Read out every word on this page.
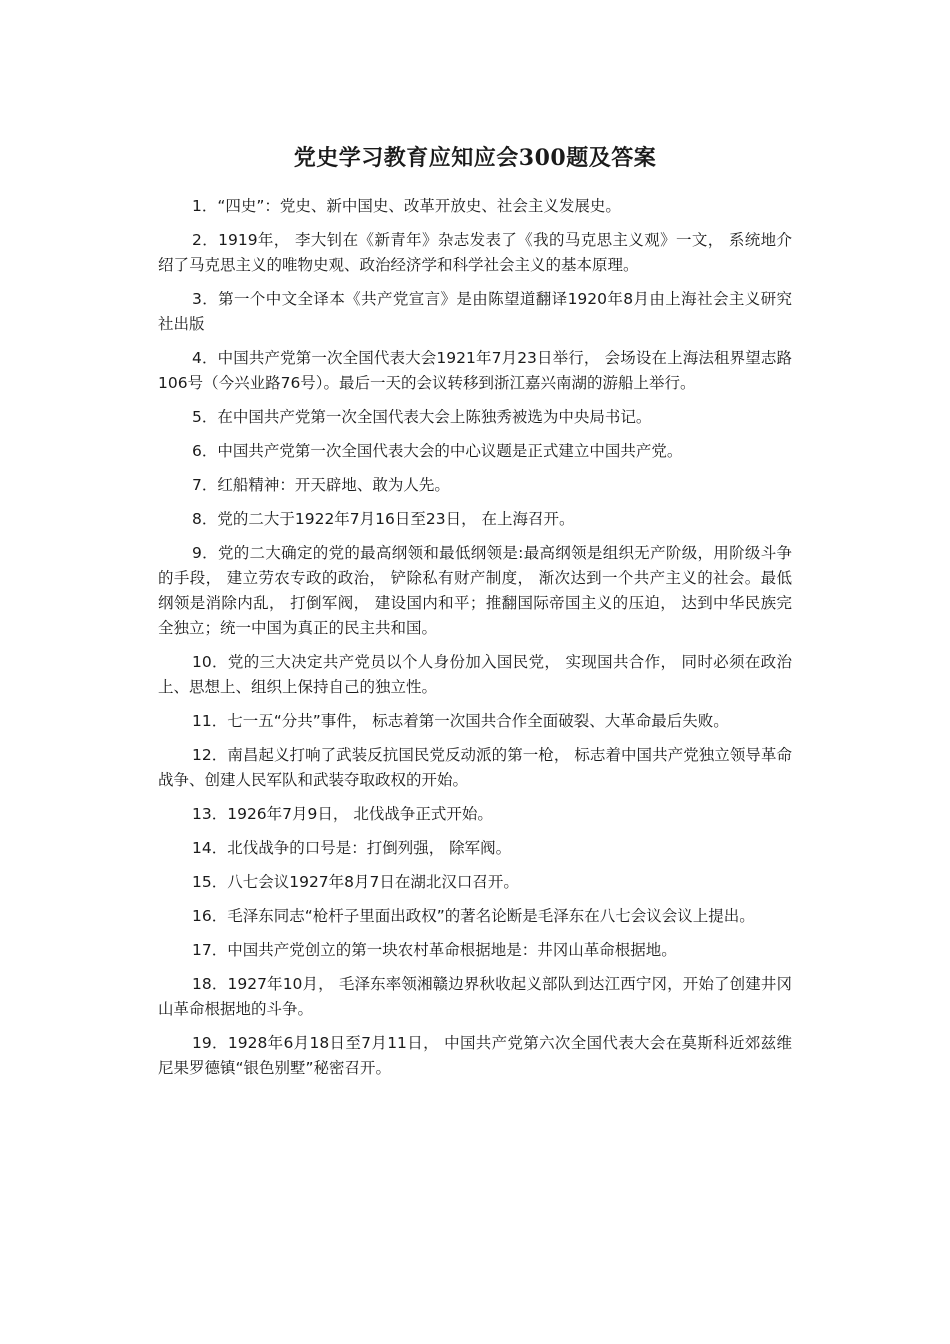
党史学习教育应知应会300题及答案

1．“四史”：党史、新中国史、改革开放史、社会主义发展史。

2．1919年， 李大钊在《新青年》杂志发表了《我的马克思主义观》一文， 系统地介绍了马克思主义的唯物史观、政治经济学和科学社会主义的基本原理。

3．第一个中文全译本《共产党宣言》是由陈望道翻译1920年8月由上海社会主义研究社出版

4．中国共产党第一次全国代表大会1921年7月23日举行， 会场设在上海法租界望志路106号（今兴业路76号）。最后一天的会议转移到浙江嘉兴南湖的游船上举行。

5．在中国共产党第一次全国代表大会上陈独秀被选为中央局书记。

6．中国共产党第一次全国代表大会的中心议题是正式建立中国共产党。

7．红船精神：开天辟地、敢为人先。

8．党的二大于1922年7月16日至23日， 在上海召开。

9．党的二大确定的党的最高纲领和最低纲领是:最高纲领是组织无产阶级，用阶级斗争的手段， 建立劳农专政的政治， 铲除私有财产制度， 渐次达到一个共产主义的社会。最低纲领是消除内乱， 打倒军阀， 建设国内和平；推翻国际帝国主义的压迫， 达到中华民族完全独立；统一中国为真正的民主共和国。

10．党的三大决定共产党员以个人身份加入国民党， 实现国共合作， 同时必须在政治上、思想上、组织上保持自己的独立性。

11．七一五“分共”事件， 标志着第一次国共合作全面破裂、大革命最后失败。

12．南昌起义打响了武装反抗国民党反动派的第一枪， 标志着中国共产党独立领导革命战争、创建人民军队和武装夺取政权的开始。

13．1926年7月9日， 北伐战争正式开始。

14．北伐战争的口号是：打倒列强， 除军阀。

15．八七会议1927年8月7日在湖北汉口召开。

16．毛泽东同志“枪杆子里面出政权”的著名论断是毛泽东在八七会议会议上提出。

17．中国共产党创立的第一块农村革命根据地是：井冈山革命根据地。

18．1927年10月， 毛泽东率领湘赣边界秋收起义部队到达江西宁冈，开始了创建井冈山革命根据地的斗争。

19．1928年6月18日至7月11日， 中国共产党第六次全国代表大会在莫斯科近郊兹维尼果罗德镇“银色别墅”秘密召开。
